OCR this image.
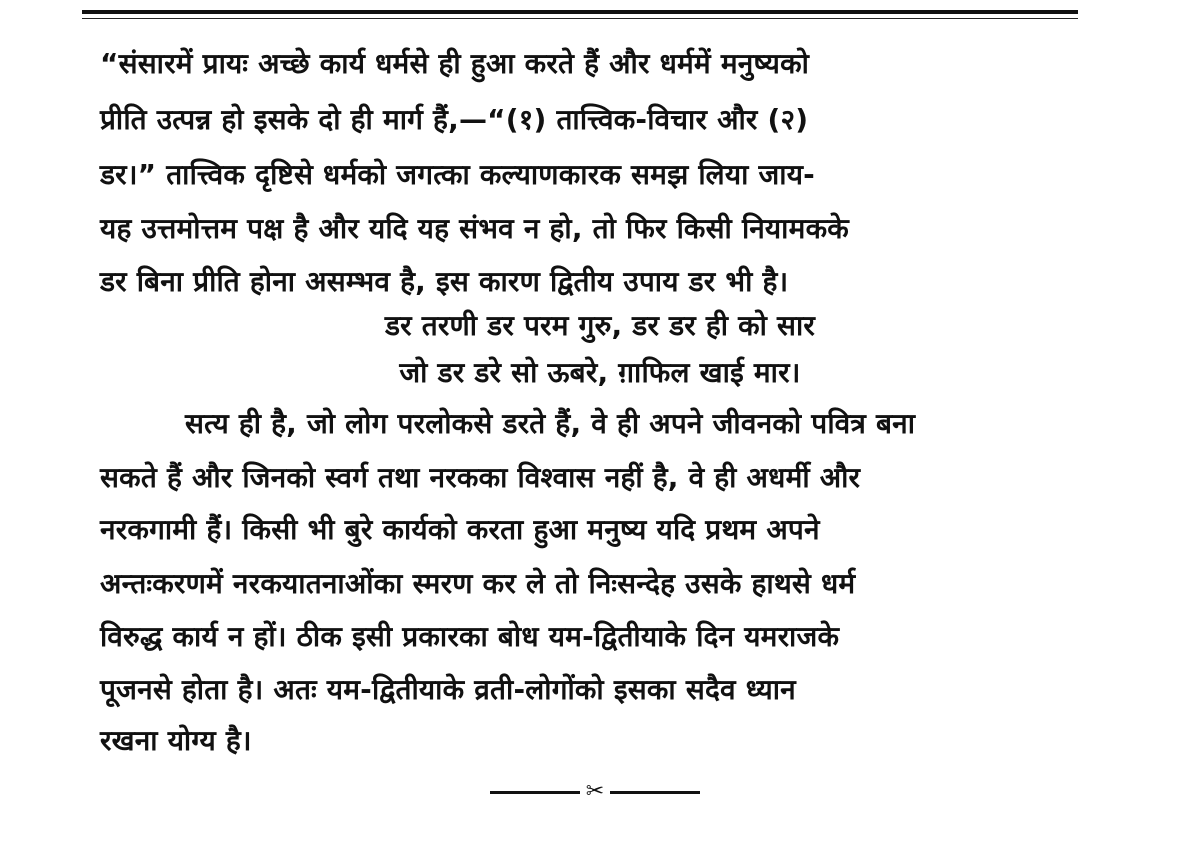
“संसारमें प्रायः अच्छे कार्य धर्मसे ही हुआ करते हैं और धर्ममें मनुष्यको
प्रीति उत्पन्न हो इसके दो ही मार्ग हैं,—“(१) तात्त्विक-विचार और (२)
डर।” तात्त्विक दृष्टिसे धर्मको जगत्का कल्याणकारक समझ लिया जाय-
यह उत्तमोत्तम पक्ष है और यदि यह संभव न हो, तो फिर किसी नियामकके
डर बिना प्रीति होना असम्भव है, इस कारण द्वितीय उपाय डर भी है।
डर तरणी डर परम गुरु, डर डर ही को सार
जो डर डरे सो ऊबरे, ग़ाफिल खाई मार।
सत्य ही है, जो लोग परलोकसे डरते हैं, वे ही अपने जीवनको पवित्र बना
सकते हैं और जिनको स्वर्ग तथा नरकका विश्वास नहीं है, वे ही अधर्मी और
नरकगामी हैं। किसी भी बुरे कार्यको करता हुआ मनुष्य यदि प्रथम अपने
अन्तःकरणमें नरकयातनाओंका स्मरण कर ले तो निःसन्देह उसके हाथसे धर्म
विरुद्ध कार्य न हों। ठीक इसी प्रकारका बोध यम-द्वितीयाके दिन यमराजके
पूजनसे होता है। अतः यम-द्वितीयाके व्रती-लोगोंको इसका सदैव ध्यान
रखना योग्य है।
✂
